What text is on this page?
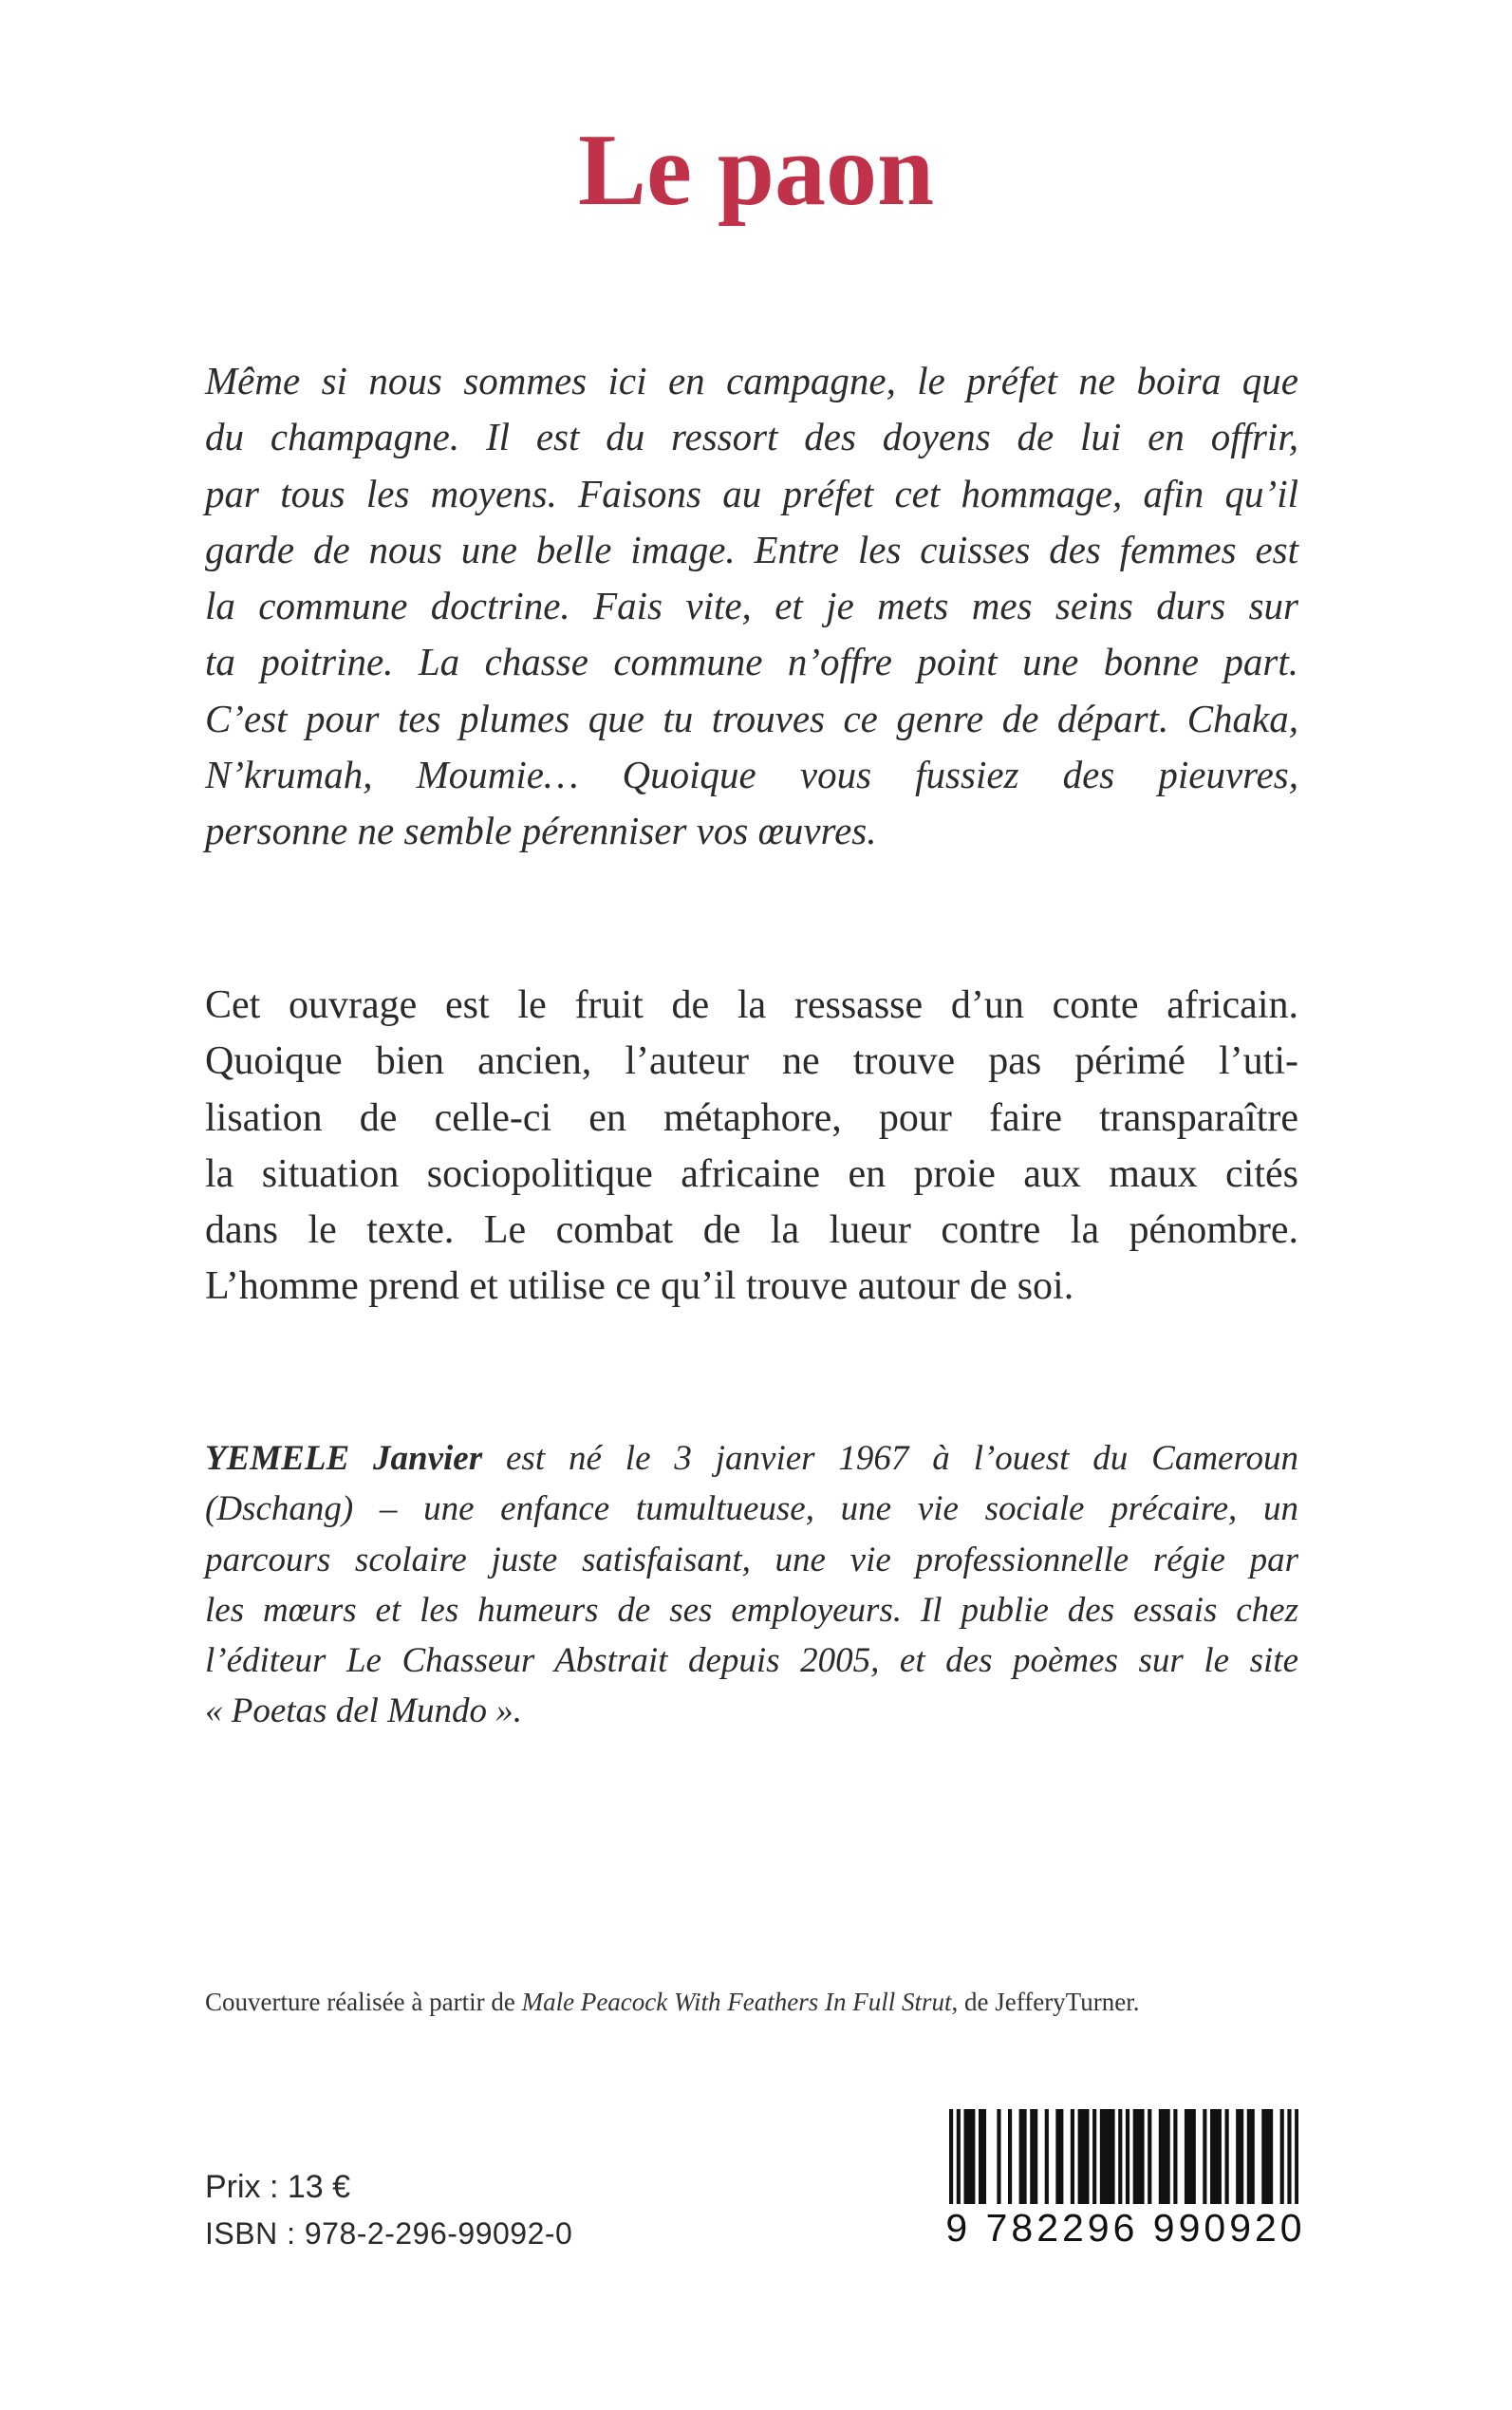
Le paon
Même si nous sommes ici en campagne, le préfet ne boira que
du champagne. Il est du ressort des doyens de lui en offrir,
par tous les moyens. Faisons au préfet cet hommage, afin qu’il
garde de nous une belle image. Entre les cuisses des femmes est
la commune doctrine. Fais vite, et je mets mes seins durs sur
ta poitrine. La chasse commune n’offre point une bonne part.
C’est pour tes plumes que tu trouves ce genre de départ. Chaka,
N’krumah, Moumie… Quoique vous fussiez des pieuvres,
personne ne semble pérenniser vos œuvres.
Cet ouvrage est le fruit de la ressasse d’un conte africain.
Quoique bien ancien, l’auteur ne trouve pas périmé l’uti-
lisation de celle-ci en métaphore, pour faire transparaître
la situation sociopolitique africaine en proie aux maux cités
dans le texte. Le combat de la lueur contre la pénombre.
L’homme prend et utilise ce qu’il trouve autour de soi.
YEMELE Janvier est né le 3 janvier 1967 à l’ouest du Cameroun
(Dschang) – une enfance tumultueuse, une vie sociale précaire, un
parcours scolaire juste satisfaisant, une vie professionnelle régie par
les mœurs et les humeurs de ses employeurs. Il publie des essais chez
l’éditeur Le Chasseur Abstrait depuis 2005, et des poèmes sur le site
« Poetas del Mundo ».
Couverture réalisée à partir de Male Peacock With Feathers In Full Strut, de JefferyTurner.
Prix : 13 €
ISBN : 978-2-296-99092-0	9 782296 990920
